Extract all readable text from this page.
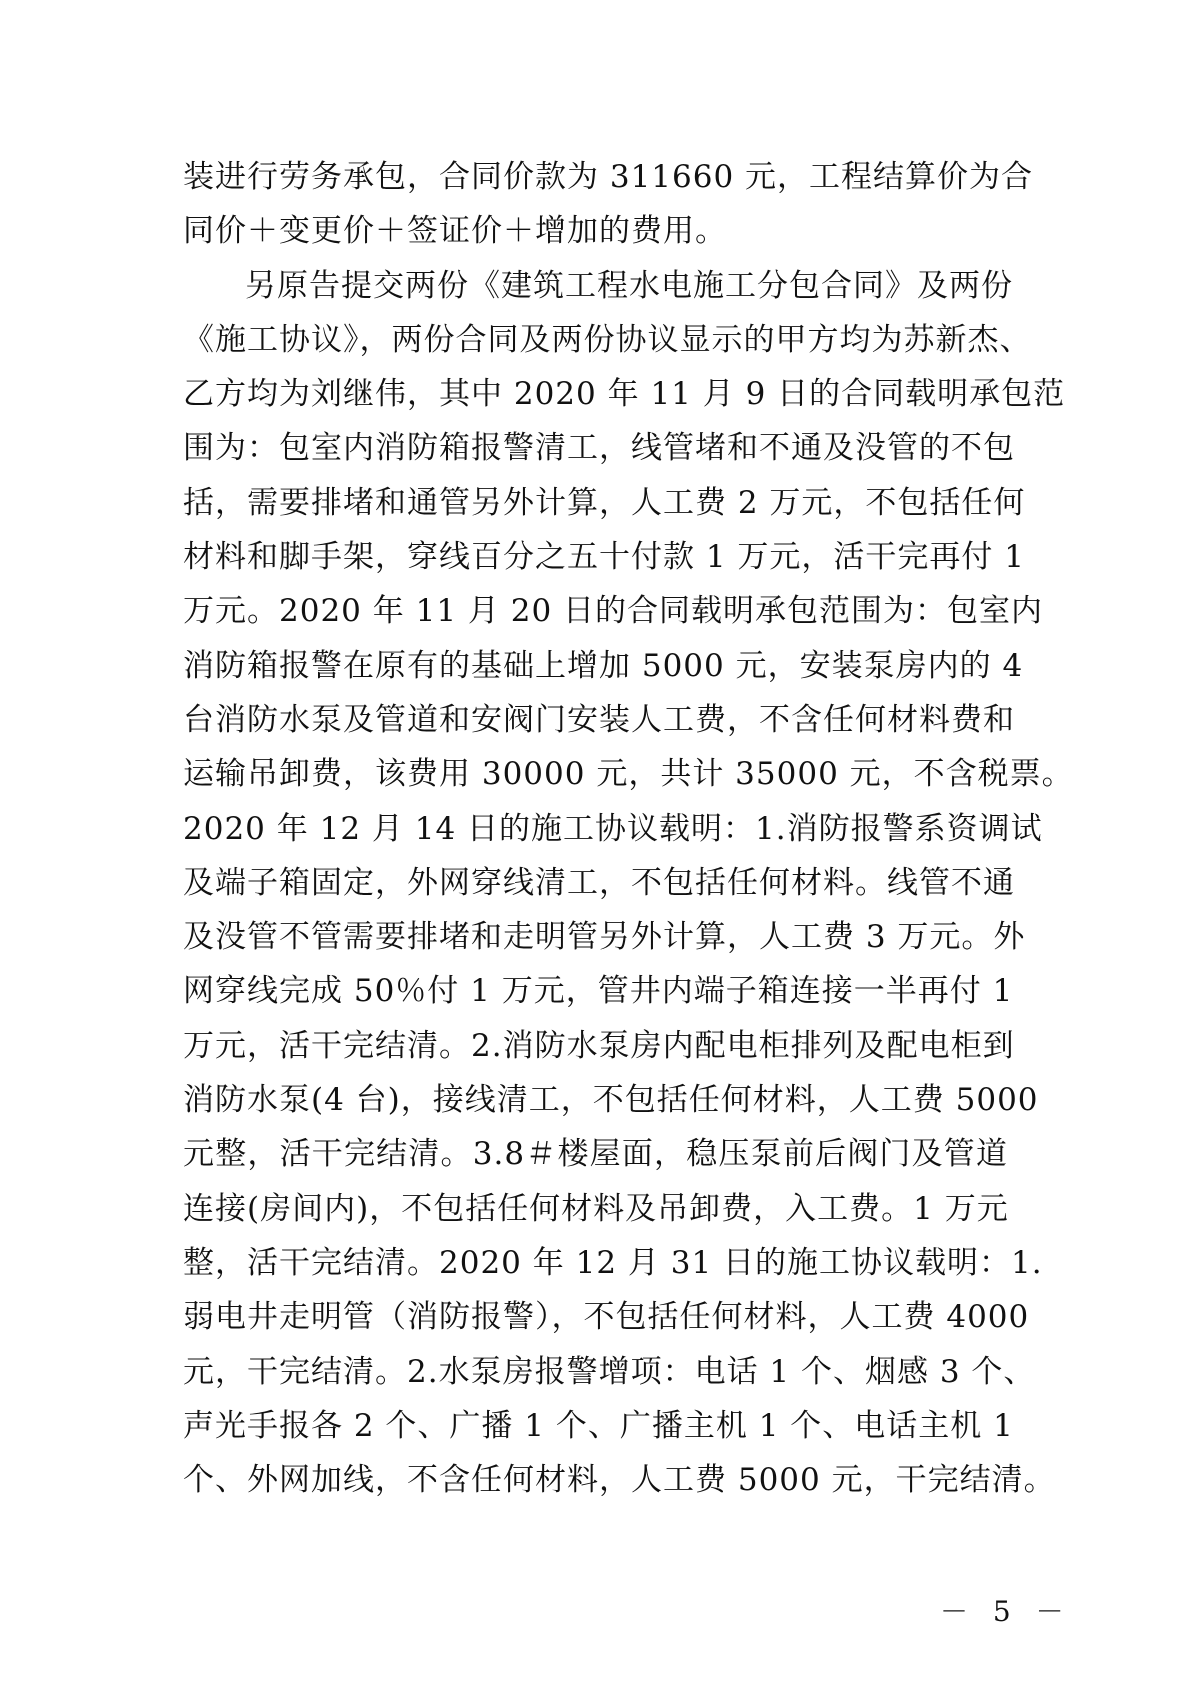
装进行劳务承包，合同价款为 311660 元，工程结算价为合
同价＋变更价＋签证价＋增加的费用。
另原告提交两份《建筑工程水电施工分包合同》及两份
《施工协议》，两份合同及两份协议显示的甲方均为苏新杰、
乙方均为刘继伟，其中 2020 年 11 月 9 日的合同载明承包范
围为：包室内消防箱报警清工，线管堵和不通及没管的不包
括，需要排堵和通管另外计算，人工费 2 万元，不包括任何
材料和脚手架，穿线百分之五十付款 1 万元，活干完再付 1
万元。2020 年 11 月 20 日的合同载明承包范围为：包室内
消防箱报警在原有的基础上增加 5000 元，安装泵房内的 4
台消防水泵及管道和安阀门安装人工费，不含任何材料费和
运输吊卸费，该费用 30000 元，共计 35000 元，不含税票。
2020 年 12 月 14 日的施工协议载明：1.消防报警系资调试
及端子箱固定，外网穿线清工，不包括任何材料。线管不通
及没管不管需要排堵和走明管另外计算，人工费 3 万元。外
网穿线完成 50％付 1 万元，管井内端子箱连接一半再付 1
万元，活干完结清。2.消防水泵房内配电柜排列及配电柜到
消防水泵(4 台)，接线清工，不包括任何材料，人工费 5000
元整，活干完结清。3.8＃楼屋面，稳压泵前后阀门及管道
连接(房间内)，不包括任何材料及吊卸费，入工费。1 万元
整，活干完结清。2020 年 12 月 31 日的施工协议载明：1.
弱电井走明管（消防报警），不包括任何材料，人工费 4000
元，干完结清。2.水泵房报警增项：电话 1 个、烟感 3 个、
声光手报各 2 个、广播 1 个、广播主机 1 个、电话主机 1
个、外网加线，不含任何材料，人工费 5000 元，干完结清。
－ 5 －
